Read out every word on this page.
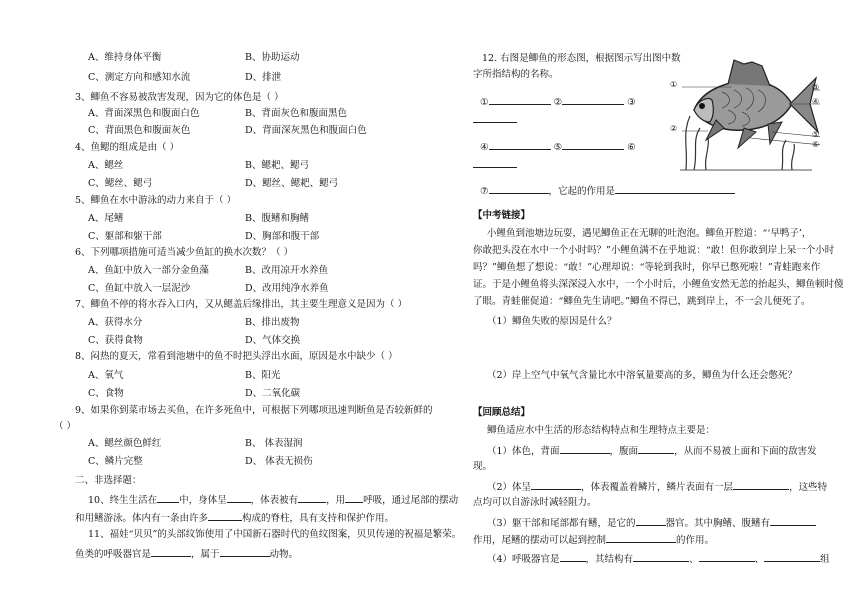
A、维持身体平衡	B、协助运动
C、测定方向和感知水流	D、排泄
3、鲫鱼不容易被敌害发现，因为它的体色是（ ）
A、背面深黑色和腹面白色	B、背面灰色和腹面黑色
C、背面黑色和腹面灰色	D、背面深灰黑色和腹面白色
4、鱼鳃的组成是由（ ）
A、鳃丝	B、鳃耙、鳃弓
C、鳃丝、鳃弓	D、鳃丝、鳃耙、鳃弓
5、鲫鱼在水中游泳的动力来自于（ ）
A、尾鳍	B、腹鳍和胸鳍
C、躯部和躯干部	D、胸部和腹干部
6、下列哪项措施可适当减少鱼缸的换水次数？（ ）
A、鱼缸中放入一部分金鱼藻	B、改用凉开水养鱼
C、鱼缸中放入一层泥沙	D、改用纯净水养鱼
7、鲫鱼不停的将水吞入口内，又从鳃盖后缘排出，其主要生理意义是因为（ ）
A、获得水分	B、排出废物
C、获得食物	D、气体交换
8、闷热的夏天，常看到池塘中的鱼不时把头浮出水面，原因是水中缺少（ ）
A、氧气	B、阳光
C、食物	D、二氧化碳
9、如果你到菜市场去买鱼，在许多死鱼中，可根据下列哪项迅速判断鱼是否较新鲜的
（ ）
A、鳃丝颜色鲜红	B、 体表湿润
C、鳞片完整	D、 体表无损伤
二、非选择题：
10、终生生活在 中，身体呈	，体表被有	，用 呼吸，通过尾部的摆动
和用鳍游泳。体内有一条由许多	构成的脊柱，具有支持和保护作用。
11、福娃“贝贝”的头部纹饰使用了中国新石器时代的鱼纹图案，贝贝传递的祝福是繁荣。
鱼类的呼吸器官是	，属于	动物。
12. 右图是鲫鱼的形态图，根据图示写出图中数
字所指结构的名称。
①	②	③
④	⑤	⑥
⑦	，它起的作用是
【中考链接】
小鲤鱼到池塘边玩耍，遇见鲫鱼正在无聊的吐泡泡。鲫鱼开腔道：“‘早鸭子’，
你敢把头没在水中一个小时吗？”小鲤鱼满不在乎地说：“敢！但你敢到岸上呆一个小时
吗？”鲫鱼想了想说：“敢！”心理却说：“等轮到我时，你早已憋死啦！”青蛙跑来作
证。于是小鲤鱼将头深深浸入水中，一个小时后，小鲤鱼安然无恙的抬起头，鲫鱼顿时傻
了眼。青蛙催促道：“鲫鱼先生请吧。”鲫鱼不得已，跳到岸上，不一会儿便死了。
（1）鲫鱼失败的原因是什么？
（2）岸上空气中氧气含量比水中溶氧量要高的多，鲫鱼为什么还会憋死？
【回顾总结】
鲫鱼适应水中生活的形态结构特点和生理特点主要是：
（1）体色，背面	，腹面	，从而不易被上面和下面的敌害发
现。
（2）体呈	，体表覆盖着鳞片，鳞片表面有一层	，这些特
点均可以自游泳时减轻阻力。
（3）躯干部和尾部都有鳍，是它的	器官。其中胸鳍、腹鳍有
作用，尾鳍的摆动可以起到控制	的作用。
（4）呼吸器官是	，其结构有	、	、	组
①
②
③
④
⑤
⑥
